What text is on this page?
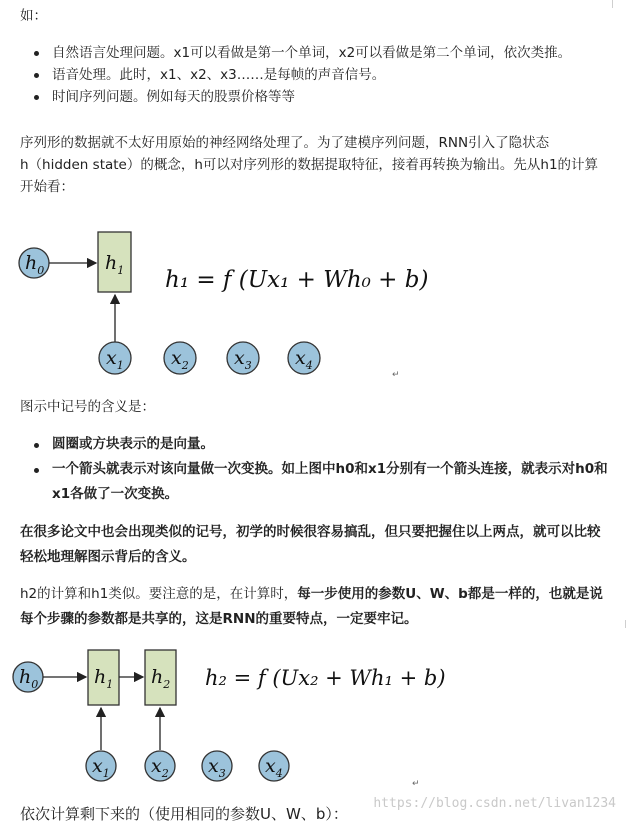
如：

自然语言处理问题。x1可以看做是第一个单词，x2可以看做是第二个单词，依次类推。
语音处理。此时，x1、x2、x3……是每帧的声音信号。
时间序列问题。例如每天的股票价格等等
序列形的数据就不太好用原始的神经网络处理了。为了建模序列问题，RNN引入了隐状态
h（hidden state）的概念，h可以对序列形的数据提取特征，接着再转换为输出。先从h1的计算
开始看：
$h_0$	$h_1$
$x_1$ $x_2$ $x_3$ $x_4$
h₁ = f (Ux₁ + Wh₀ + b)
↵

图示中记号的含义是：

圆圈或方块表示的是向量。
一个箭头就表示对该向量做一次变换。如上图中h0和x1分别有一个箭头连接，就表示对h0和
x1各做了一次变换。
在很多论文中也会出现类似的记号，初学的时候很容易搞乱，但只要把握住以上两点，就可以比较
轻松地理解图示背后的含义。
h2的计算和h1类似。要注意的是，在计算时，每一步使用的参数U、W、b都是一样的，也就是说
每个步骤的参数都是共享的，这是RNN的重要特点，一定要牢记。
$h_0$	$h_1$ $h_2$
$x_1$ $x_2$ $x_3$ $x_4$
h₂ = f (Ux₂ + Wh₁ + b)
↵

依次计算剩下来的（使用相同的参数U、W、b）：

https://blog.csdn.net/livan1234
